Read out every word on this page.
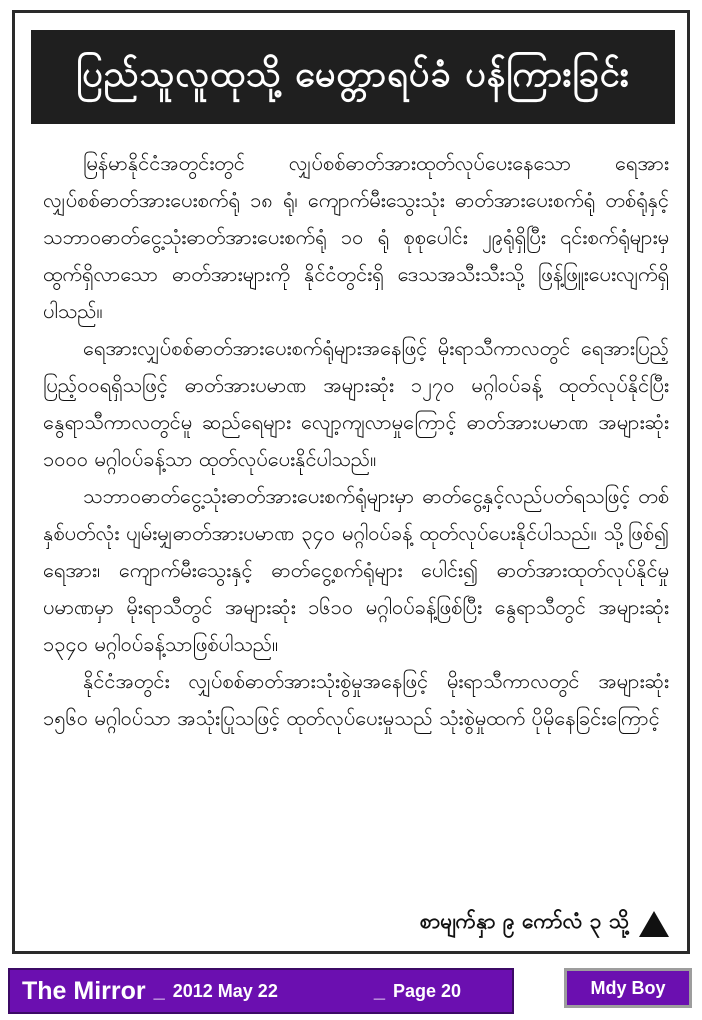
ပြည်သူလူထုသို့ မေတ္တာရပ်ခံ ပန်ကြားခြင်း

မြန်မာနိုင်ငံအတွင်းတွင် လျှပ်စစ်ဓာတ်အားထုတ်လုပ်ပေးနေသော ရေအားလျှပ်စစ်ဓာတ်အားပေးစက်ရုံ ၁၈ ရုံ၊ ကျောက်မီးသွေးသုံး ဓာတ်အားပေးစက်ရုံ တစ်ရုံနှင့် သဘာဝဓာတ်ငွေ့သုံးဓာတ်အားပေးစက်ရုံ ၁၀ ရုံ စုစုပေါင်း ၂၉ရုံရှိပြီး ၎င်းစက်ရုံများမှ ထွက်ရှိလာသော ဓာတ်အားများကို နိုင်ငံတွင်းရှိ ဒေသအသီးသီးသို့ ဖြန့်ဖြူးပေးလျက်ရှိပါသည်။

ရေအားလျှပ်စစ်ဓာတ်အားပေးစက်ရုံများအနေဖြင့် မိုးရာသီကာလတွင် ရေအားပြည့်ပြည့်ဝဝရရှိသဖြင့် ဓာတ်အားပမာဏ အများဆုံး ၁၂၇၀ မဂ္ဂါဝပ်ခန့် ထုတ်လုပ်နိုင်ပြီး နွေရာသီကာလတွင်မူ ဆည်ရေများ လျော့ကျလာမှုကြောင့် ဓာတ်အားပမာဏ အများဆုံး ၁၀၀၀ မဂ္ဂါဝပ်ခန့်သာ ထုတ်လုပ်ပေးနိုင်ပါသည်။

သဘာဝဓာတ်ငွေ့သုံးဓာတ်အားပေးစက်ရုံများမှာ ဓာတ်ငွေ့နှင့်လည်ပတ်ရသဖြင့် တစ်နှစ်ပတ်လုံး ပျမ်းမျှဓာတ်အားပမာဏ ၃၄၀ မဂ္ဂါဝပ်ခန့် ထုတ်လုပ်ပေးနိုင်ပါသည်။ သို့ဖြစ်၍ ရေအား၊ ကျောက်မီးသွေးနှင့် ဓာတ်ငွေ့စက်ရုံများ ပေါင်း၍ ဓာတ်အားထုတ်လုပ်နိုင်မှုပမာဏမှာ မိုးရာသီတွင် အများဆုံး ၁၆၁၀ မဂ္ဂါဝပ်ခန့်ဖြစ်ပြီး နွေရာသီတွင် အများဆုံး ၁၃၄၀ မဂ္ဂါဝပ်ခန့်သာဖြစ်ပါသည်။

နိုင်ငံအတွင်း လျှပ်စစ်ဓာတ်အားသုံးစွဲမှုအနေဖြင့် မိုးရာသီကာလတွင် အများဆုံး ၁၅၆၀ မဂ္ဂါဝပ်သာ အသုံးပြုသဖြင့် ထုတ်လုပ်ပေးမှုသည် သုံးစွဲမှုထက် ပိုမိုနေခြင်းကြောင့်

စာမျက်နှာ ၉ ကော်လံ ၃ သို့
The Mirror _ 2012 May 22	_ Page 20	Mdy Boy
